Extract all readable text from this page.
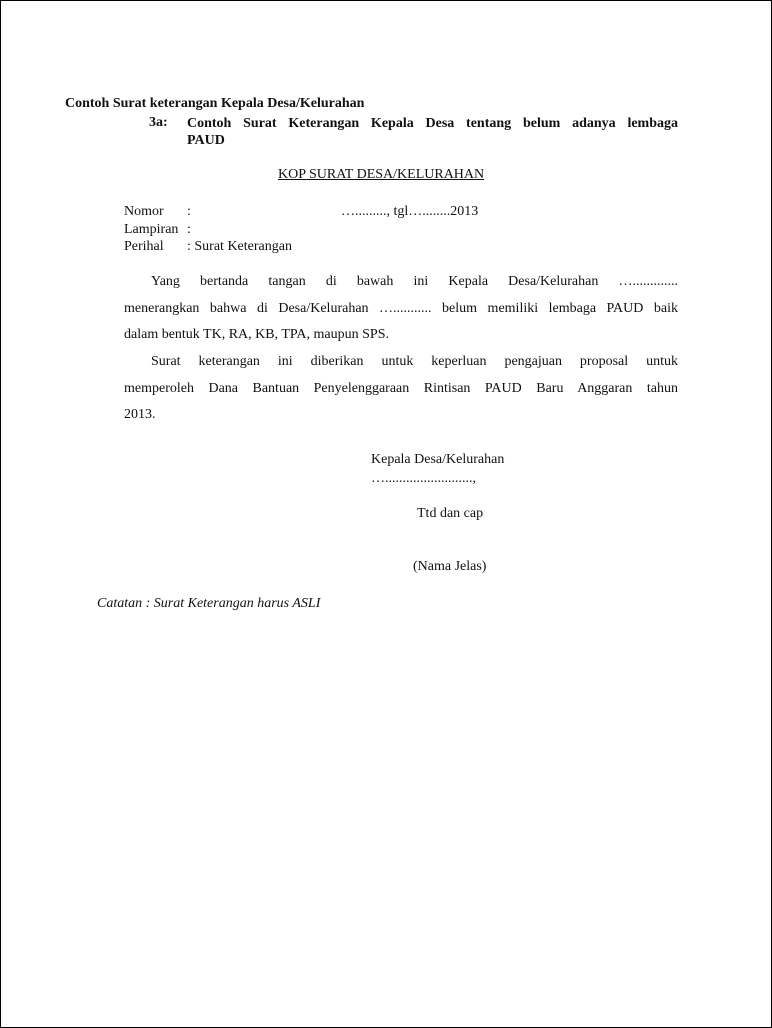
Contoh Surat keterangan Kepala Desa/Kelurahan
3a: Contoh Surat Keterangan Kepala Desa tentang belum adanya lembaga
PAUD
KOP SURAT DESA/KELURAHAN
Nomor :	…........., tgl…........2013
Lampiran :
Perihal : Surat Keterangan
Yang bertanda tangan di bawah ini Kepala Desa/Kelurahan ….............
menerangkan bahwa di Desa/Kelurahan …........... belum memiliki lembaga PAUD baik
dalam bentuk TK, RA, KB, TPA, maupun SPS.
Surat keterangan ini diberikan untuk keperluan pengajuan proposal untuk
memperoleh Dana Bantuan Penyelenggaraan Rintisan PAUD Baru Anggaran tahun
2013.
Kepala Desa/Kelurahan
….........................,
Ttd dan cap
(Nama Jelas)
Catatan : Surat Keterangan harus ASLI
